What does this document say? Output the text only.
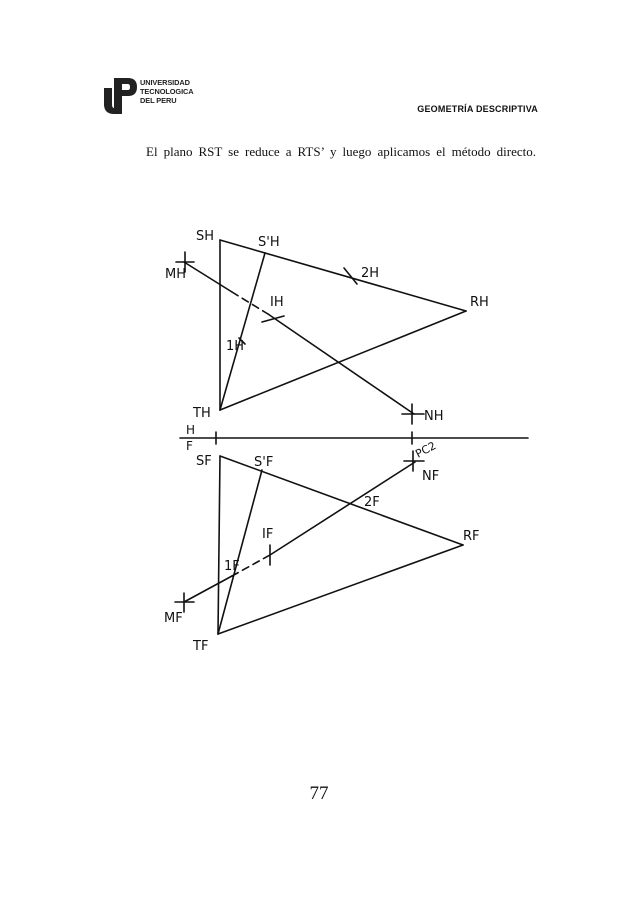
UNIVERSIDAD
TECNOLOGICA
DEL PERU
GEOMETRÍA DESCRIPTIVA
El plano RST se reduce a RTS’ y luego aplicamos el método directo.
SH	S'H
MH	2H
IH	RH
1H
TH	NH
H
F
SF	S'F
PC2
NF
2F
IF	RF
1F
MF
TF
77
